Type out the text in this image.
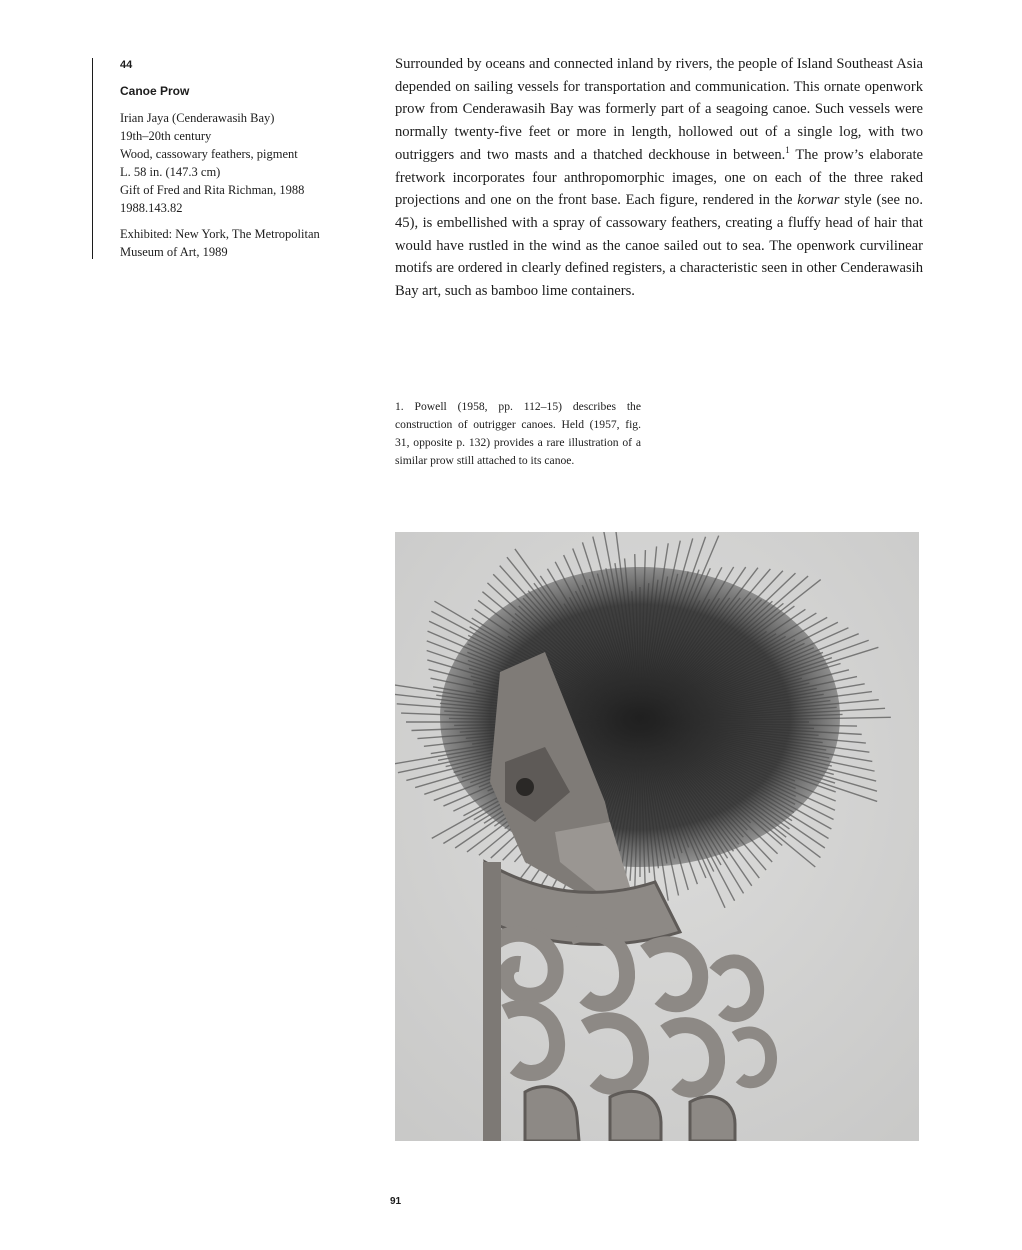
44

Canoe Prow

Irian Jaya (Cenderawasih Bay)
19th–20th century
Wood, cassowary feathers, pigment
L. 58 in. (147.3 cm)
Gift of Fred and Rita Richman, 1988
1988.143.82
Exhibited: New York, The Metropolitan
Museum of Art, 1989

Surrounded by oceans and connected inland by rivers, the people of Island Southeast Asia depended on sailing vessels for transportation and communication. This ornate openwork prow from Cenderawasih Bay was formerly part of a seagoing canoe. Such vessels were normally twenty-five feet or more in length, hollowed out of a single log, with two outriggers and two masts and a thatched deckhouse in between.$^1$ The prow’s elaborate fretwork incorporates four anthropomorphic images, one on each of the three raked projections and one on the front base. Each figure, rendered in the korwar style (see no. 45), is embellished with a spray of cassowary feathers, creating a fluffy head of hair that would have rustled in the wind as the canoe sailed out to sea. The openwork curvilinear motifs are ordered in clearly defined registers, a characteristic seen in other Cenderawasih Bay art, such as bamboo lime containers.

1. Powell (1958, pp. 112–15) describes the construction of outrigger canoes. Held (1957, fig. 31, opposite p. 132) provides a rare illustration of a similar prow still attached to its canoe.

91
